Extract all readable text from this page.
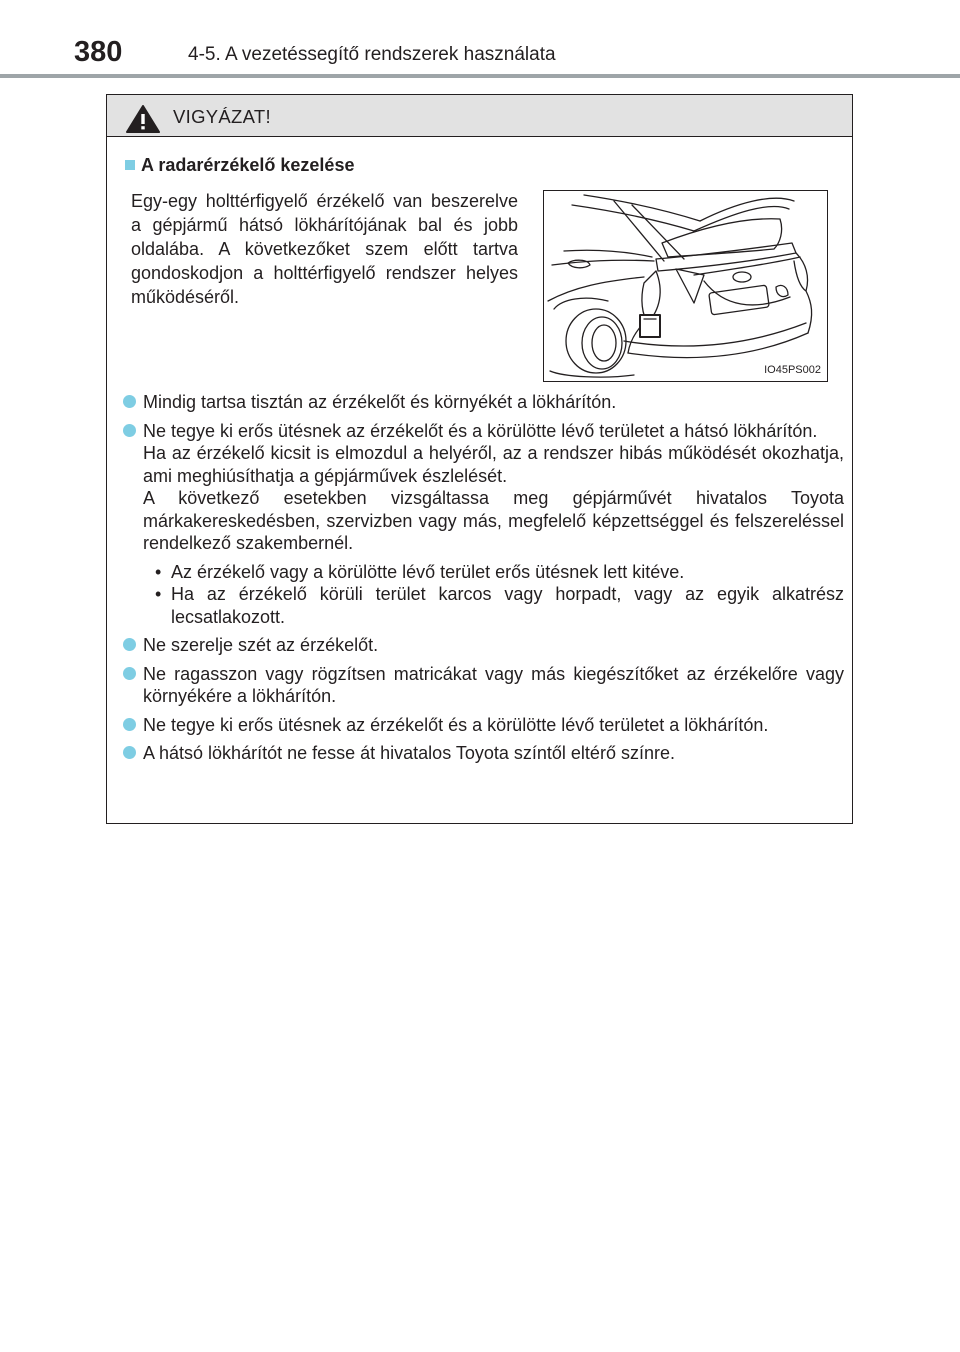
380	4-5. A vezetéssegítő rendszerek használata
VIGYÁZAT!
A radarérzékelő kezelése
Egy-egy holttérfigyelő érzékelő van beszerelve a gépjármű hátsó lökhárítójának bal és jobb oldalába. A következőket szem előtt tartva gondoskodjon a holttérfigyelő rendszer helyes működéséről.
IO45PS002
Mindig tartsa tisztán az érzékelőt és környékét a lökhárítón.
Ne tegye ki erős ütésnek az érzékelőt és a körülötte lévő területet a hátsó lökhárítón.
Ha az érzékelő kicsit is elmozdul a helyéről, az a rendszer hibás működését okozhatja, ami meghiúsíthatja a gépjárművek észlelését.
A következő esetekben vizsgáltassa meg gépjárművét hivatalos Toyota márkakereskedésben, szervizben vagy más, megfelelő képzettséggel és felszereléssel rendelkező szakembernél.
• Az érzékelő vagy a körülötte lévő terület erős ütésnek lett kitéve.
• Ha az érzékelő körüli terület karcos vagy horpadt, vagy az egyik alkatrész lecsatlakozott.
Ne szerelje szét az érzékelőt.
Ne ragasszon vagy rögzítsen matricákat vagy más kiegészítőket az érzékelőre vagy környékére a lökhárítón.
Ne tegye ki erős ütésnek az érzékelőt és a körülötte lévő területet a lökhárítón.
A hátsó lökhárítót ne fesse át hivatalos Toyota színtől eltérő színre.
